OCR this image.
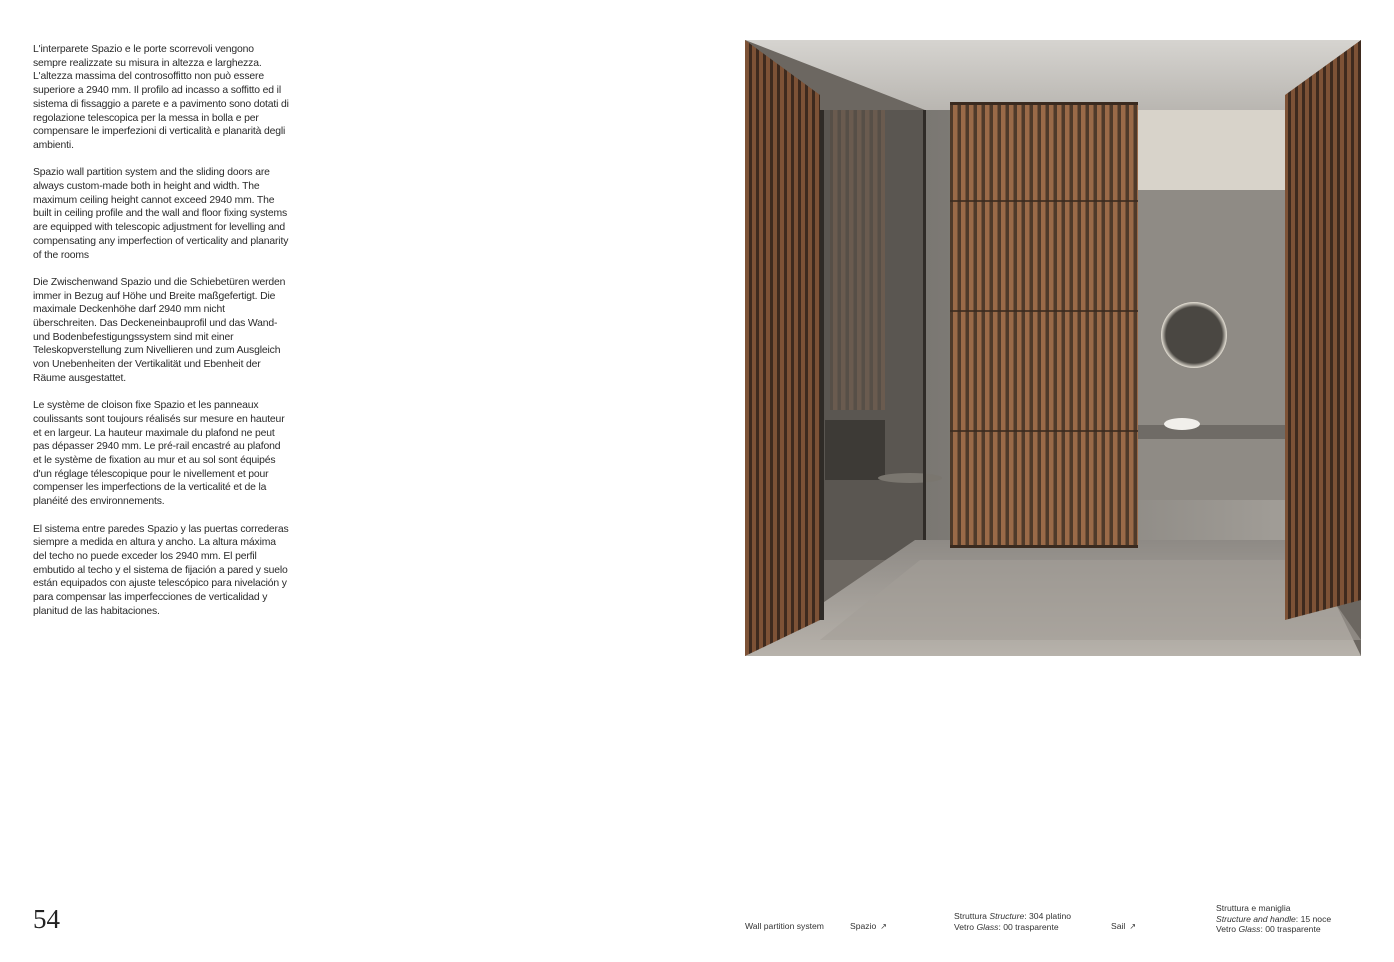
L'interparete Spazio e le porte scorrevoli vengono sempre realizzate su misura in altezza e larghezza. L'altezza massima del controsoffitto non può essere superiore a 2940 mm. Il profilo ad incasso a soffitto ed il sistema di fissaggio a parete e a pavimento sono dotati di regolazione telescopica per la messa in bolla e per compensare le imperfezioni di verticalità e planarità degli ambienti.

Spazio wall partition system and the sliding doors are always custom-made both in height and width. The maximum ceiling height cannot exceed 2940 mm. The built in ceiling profile and the wall and floor fixing systems are equipped with telescopic adjustment for levelling and compensating any imperfection of verticality and planarity of the rooms

Die Zwischenwand Spazio und die Schiebetüren werden immer in Bezug auf Höhe und Breite maßgefertigt. Die maximale Deckenhöhe darf 2940 mm nicht überschreiten. Das Deckeneinbauprofil und das Wand- und Bodenbefestigungssystem sind mit einer Teleskopverstellung zum Nivellieren und zum Ausgleich von Unebenheiten der Vertikalität und Ebenheit der Räume ausgestattet.

Le système de cloison fixe Spazio et les panneaux coulissants sont toujours réalisés sur mesure en hauteur et en largeur. La hauteur maximale du plafond ne peut pas dépasser 2940 mm. Le pré-rail encastré au plafond et le système de fixation au mur et au sol sont équipés d'un réglage télescopique pour le nivellement et pour compenser les imperfections de la verticalité et de la planéité des environnements.

El sistema entre paredes Spazio y las puertas correderas siempre a medida en altura y ancho. La altura máxima del techo no puede exceder los 2940 mm. El perfil embutido al techo y el sistema de fijación a pared y suelo están equipados con ajuste telescópico para nivelación y para compensar las imperfecciones de verticalidad y planitud de las habitaciones.

54	Wall partition system	Spazio ↗
Struttura Structure: 304 platino
Vetro Glass: 00 trasparente	Sail ↗
Struttura e maniglia
Structure and handle: 15 noce
Vetro Glass: 00 trasparente
